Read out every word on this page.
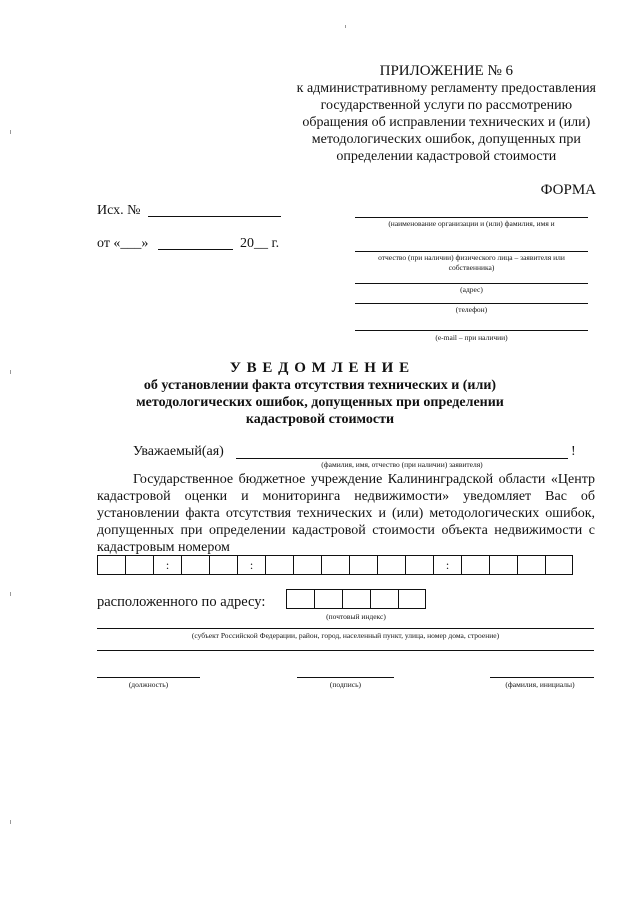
ПРИЛОЖЕНИЕ № 6
к административному регламенту предоставления
государственной услуги по рассмотрению
обращения об исправлении технических и (или)
методологических ошибок, допущенных при
определении кадастровой стоимости
ФОРМА
Исх. №
от «___»	20__ г.
(наименование организации и (или) фамилия, имя и
отчество (при наличии) физического лица – заявителя или
собственника)
(адрес)
(телефон)
(e-mail – при наличии)
У В Е Д О М Л Е Н И Е
об установлении факта отсутствия технических и (или)
методологических ошибок, допущенных при определении
кадастровой стоимости
Уважаемый(ая)	!
(фамилия, имя, отчество (при наличии) заявителя)
Государственное бюджетное учреждение Калининградской области «Центр кадастровой оценки и мониторинга недвижимости» уведомляет Вас об установлении факта отсутствия технических и (или) методологических ошибок, допущенных при определении кадастровой стоимости объекта недвижимости с кадастровым номером
:	:	:
расположенного по адресу:
(почтовый индекс)
(субъект Российской Федерации, район, город, населенный пункт, улица, номер дома, строение)
(должность)	(подпись)	(фамилия, инициалы)
